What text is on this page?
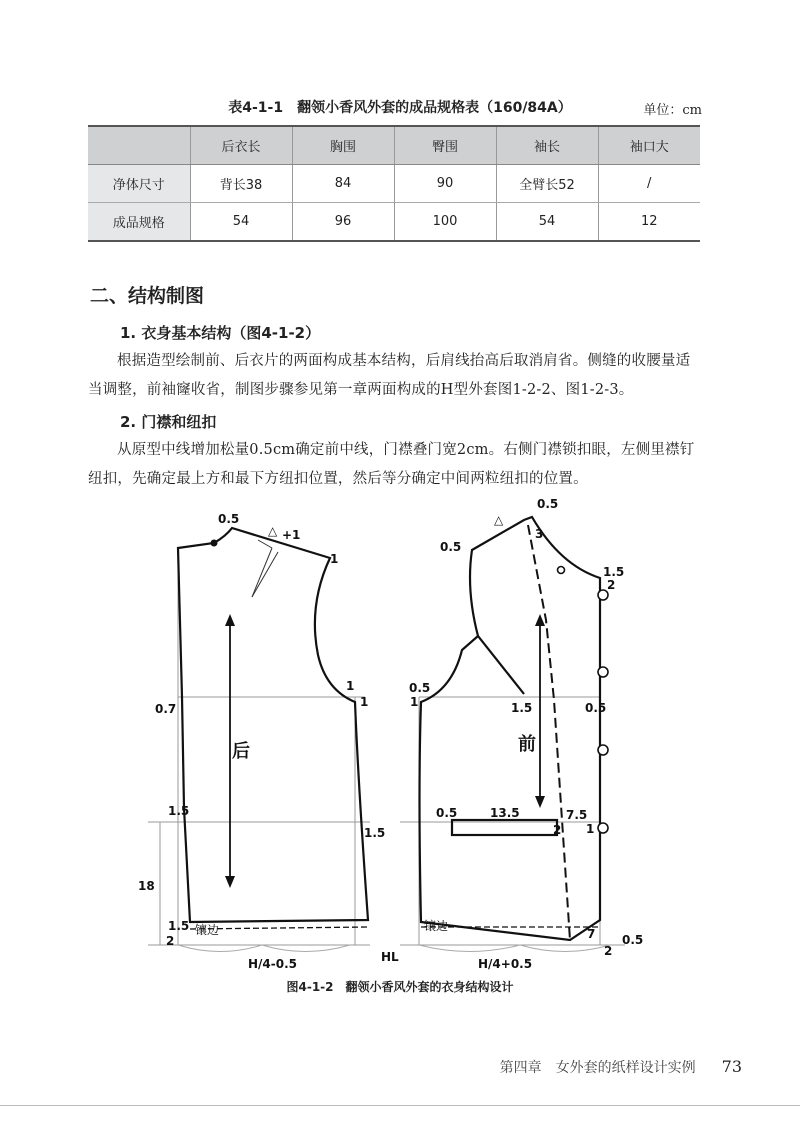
表4-1-1　翻领小香风外套的成品规格表（160/84A）	单位：cm
	后衣长	胸围	臀围	袖长	袖口大
净体尺寸	背长38	84	90	全臂长52	/
成品规格	54	96	100	54	12
二、结构制图
1. 衣身基本结构（图4-1-2）
根据造型绘制前、后衣片的两面构成基本结构，后肩线抬高后取消肩省。侧缝的收腰量适当调整，前袖窿收省，制图步骤参见第一章两面构成的H型外套图1-2-2、图1-2-3。
2. 门襟和纽扣
从原型中线增加松量0.5cm确定前中线，门襟叠门宽2cm。右侧门襟锁扣眼，左侧里襟钉纽扣，先确定最上方和最下方纽扣位置，然后等分确定中间两粒纽扣的位置。
0.5
△ +1
1
1
1
0.7
1.5
1.5
18
1.5
2
镶边
后
HL
H/4-0.5	H/4+0.5
0.5
△
0.5
3
1.5
2
0.5
1	1.5	0.5
前
0.5	13.5	7.5
2 1
镶边
7 0.5
2
图4-1-2　翻领小香风外套的衣身结构设计
第四章　女外套的纸样设计实例 73
